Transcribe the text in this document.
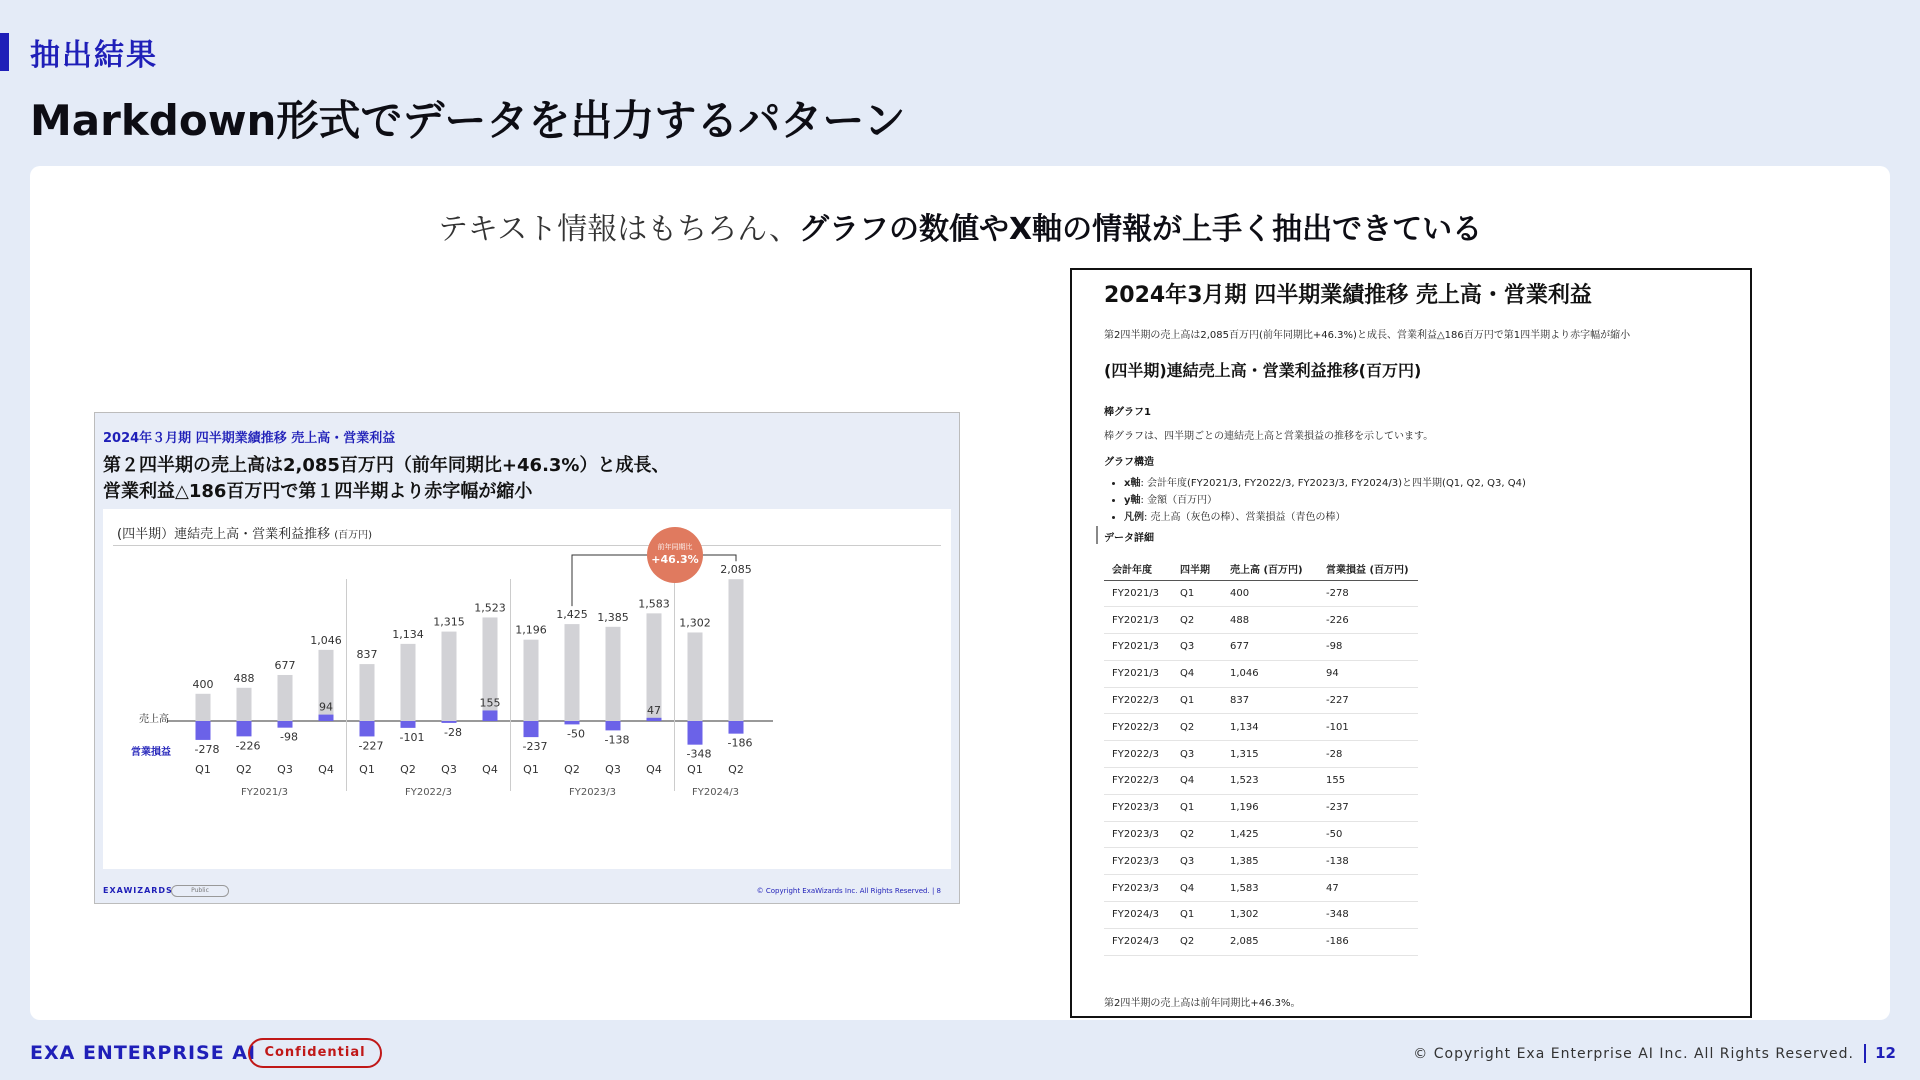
抽出結果
Markdown形式でデータを出力するパターン
テキスト情報はもちろん、グラフの数値やX軸の情報が上手く抽出できている
2024年３月期 四半期業績推移 売上高・営業利益
第２四半期の売上高は2,085百万円（前年同期比+46.3%）と成長、
営業利益△186百万円で第１四半期より赤字幅が縮小
(四半期）連結売上高・営業利益推移 (百万円)
売上高
営業損益
400 488
677
1,046
837
1,134
1,315
1,523
1,196
1,425 1,385
1,583
1,302
2,085
-278 -226
-98
94
-227
-101 -28
155
-237
-50 -138
47
-348
-186
Q1 Q2 Q3 Q4 Q1 Q2 Q3 Q4 Q1 Q2 Q3 Q4 Q1 Q2
FY2021/3	FY2022/3	FY2023/3	FY2024/3
前年同期比
+46.3%
EXAWIZARDS	Public	© Copyright ExaWizards Inc. All Rights Reserved. | 8
2024年3月期 四半期業績推移 売上高・営業利益
第2四半期の売上高は2,085百万円(前年同期比+46.3%)と成長、営業利益△186百万円で第1四半期より赤字幅が縮小
(四半期)連結売上高・営業利益推移(百万円)
棒グラフ1
棒グラフは、四半期ごとの連結売上高と営業損益の推移を示しています。
グラフ構造
• x軸: 会計年度(FY2021/3, FY2022/3, FY2023/3, FY2024/3)と四半期(Q1, Q2, Q3, Q4)
• y軸: 金額（百万円）
• 凡例: 売上高（灰色の棒）、営業損益（青色の棒）
データ詳細
会計年度	四半期	売上高 (百万円)	営業損益 (百万円)
FY2021/3	Q1	400	-278
FY2021/3	Q2	488	-226
FY2021/3	Q3	677	-98
FY2021/3	Q4	1,046	94
FY2022/3	Q1	837	-227
FY2022/3	Q2	1,134	-101
FY2022/3	Q3	1,315	-28
FY2022/3	Q4	1,523	155
FY2023/3	Q1	1,196	-237
FY2023/3	Q2	1,425	-50
FY2023/3	Q3	1,385	-138
FY2023/3	Q4	1,583	47
FY2024/3	Q1	1,302	-348
FY2024/3	Q2	2,085	-186
第2四半期の売上高は前年同期比+46.3%。
EXA ENTERPRISE AI Confidential	© Copyright Exa Enterprise AI Inc. All Rights Reserved. 12
